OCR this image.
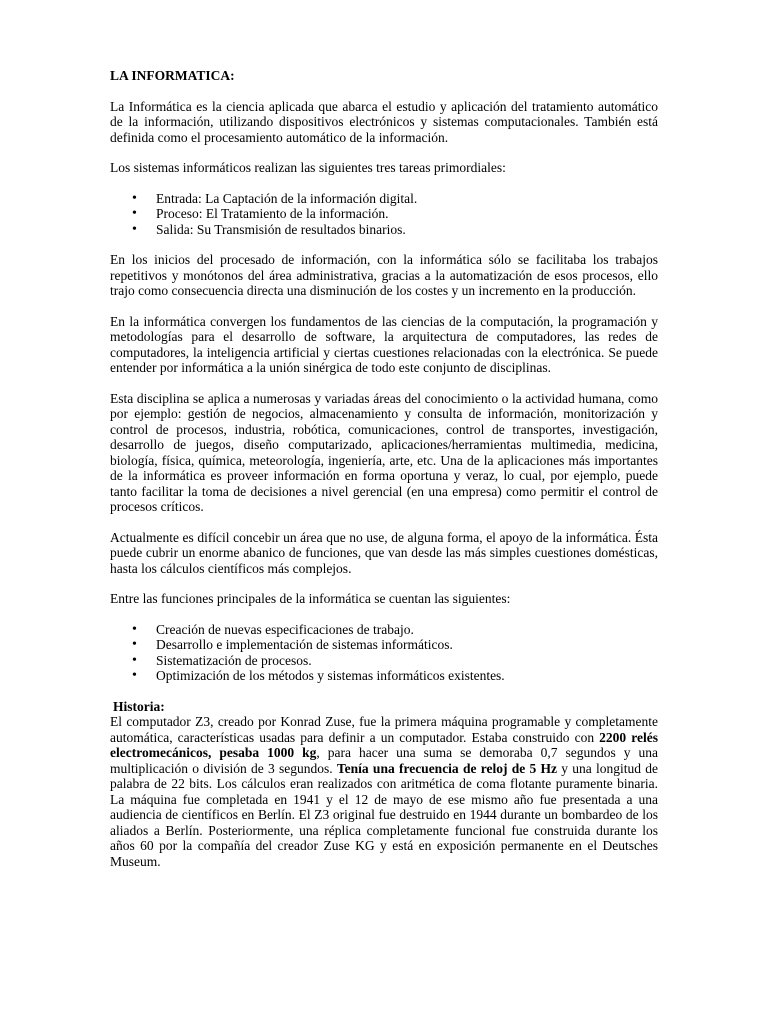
LA INFORMATICA:

La Informática es la ciencia aplicada que abarca el estudio y aplicación del tratamiento automático de la información, utilizando dispositivos electrónicos y sistemas computacionales. También está definida como el procesamiento automático de la información.

Los sistemas informáticos realizan las siguientes tres tareas primordiales:

• Entrada: La Captación de la información digital.
• Proceso: El Tratamiento de la información.
• Salida: Su Transmisión de resultados binarios.

En los inicios del procesado de información, con la informática sólo se facilitaba los trabajos repetitivos y monótonos del área administrativa, gracias a la automatización de esos procesos, ello trajo como consecuencia directa una disminución de los costes y un incremento en la producción.

En la informática convergen los fundamentos de las ciencias de la computación, la programación y metodologías para el desarrollo de software, la arquitectura de computadores, las redes de computadores, la inteligencia artificial y ciertas cuestiones relacionadas con la electrónica. Se puede entender por informática a la unión sinérgica de todo este conjunto de disciplinas.

Esta disciplina se aplica a numerosas y variadas áreas del conocimiento o la actividad humana, como por ejemplo: gestión de negocios, almacenamiento y consulta de información, monitorización y control de procesos, industria, robótica, comunicaciones, control de transportes, investigación, desarrollo de juegos, diseño computarizado, aplicaciones/herramientas multimedia, medicina, biología, física, química, meteorología, ingeniería, arte, etc. Una de la aplicaciones más importantes de la informática es proveer información en forma oportuna y veraz, lo cual, por ejemplo, puede tanto facilitar la toma de decisiones a nivel gerencial (en una empresa) como permitir el control de procesos críticos.

Actualmente es difícil concebir un área que no use, de alguna forma, el apoyo de la informática. Ésta puede cubrir un enorme abanico de funciones, que van desde las más simples cuestiones domésticas, hasta los cálculos científicos más complejos.

Entre las funciones principales de la informática se cuentan las siguientes:

• Creación de nuevas especificaciones de trabajo.
• Desarrollo e implementación de sistemas informáticos.
• Sistematización de procesos.
• Optimización de los métodos y sistemas informáticos existentes.
Historia:

El computador Z3, creado por Konrad Zuse, fue la primera máquina programable y completamente automática, características usadas para definir a un computador. Estaba construido con 2200 relés electromecánicos, pesaba 1000 kg, para hacer una suma se demoraba 0,7 segundos y una multiplicación o división de 3 segundos. Tenía una frecuencia de reloj de 5 Hz y una longitud de palabra de 22 bits. Los cálculos eran realizados con aritmética de coma flotante puramente binaria. La máquina fue completada en 1941 y el 12 de mayo de ese mismo año fue presentada a una audiencia de científicos en Berlín. El Z3 original fue destruido en 1944 durante un bombardeo de los aliados a Berlín. Posteriormente, una réplica completamente funcional fue construida durante los años 60 por la compañía del creador Zuse KG y está en exposición permanente en el Deutsches Museum.
